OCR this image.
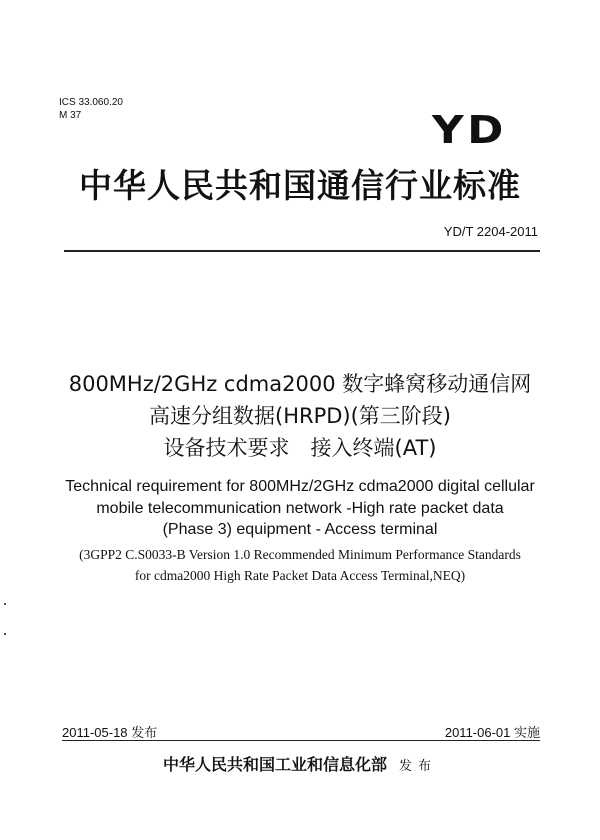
ICS 33.060.20
M 37	YD
中华人民共和国通信行业标准
YD/T 2204-2011
800MHz/2GHz cdma2000 数字蜂窝移动通信网
高速分组数据(HRPD)(第三阶段)
设备技术要求　接入终端(AT)
Technical requirement for 800MHz/2GHz cdma2000 digital cellular
mobile telecommunication network -High rate packet data
(Phase 3) equipment - Access terminal
(3GPP2 C.S0033-B Version 1.0 Recommended Minimum Performance Standards
for cdma2000 High Rate Packet Data Access Terminal,NEQ)
2011-05-18 发布	2011-06-01 实施
中华人民共和国工业和信息化部 发布
